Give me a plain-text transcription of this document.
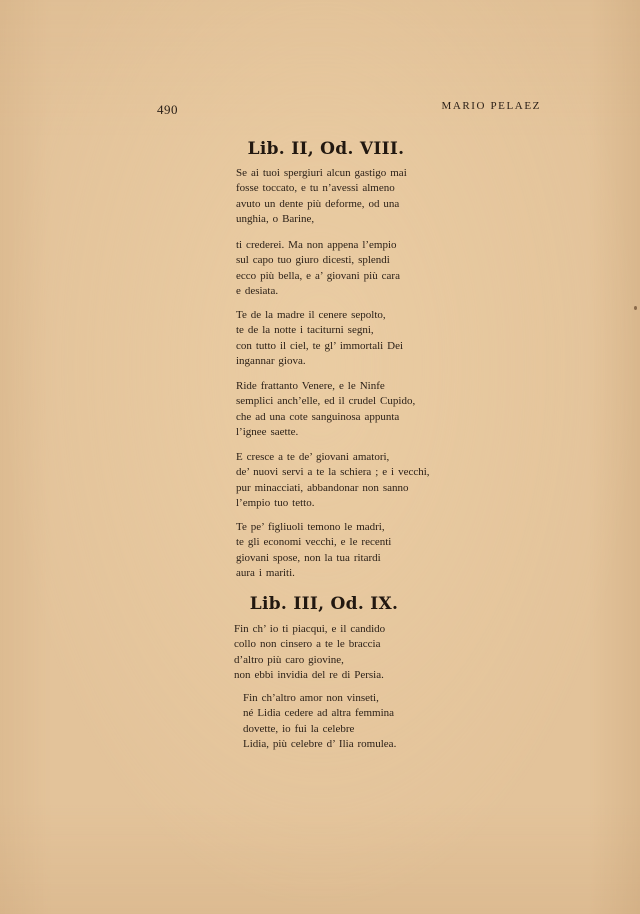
490	MARIO PELAEZ
Lib. II, Od. VIII.
Se ai tuoi spergiuri alcun gastigo mai
fosse toccato, e tu n’avessi almeno
avuto un dente più deforme, od una
unghia, o Barine,
ti crederei. Ma non appena l’empio
sul capo tuo giuro dicesti, splendi
ecco più bella, e a’ giovani più cara
e desiata.
Te de la madre il cenere sepolto,
te de la notte i taciturni segni,
con tutto il ciel, te gl’ immortali Dei
ingannar giova.
Ride frattanto Venere, e le Ninfe
semplici anch’elle, ed il crudel Cupido,
che ad una cote sanguinosa appunta
l’ignee saette.
E cresce a te de’ giovani amatori,
de’ nuovi servi a te la schiera ; e i vecchi,
pur minacciati, abbandonar non sanno
l’empio tuo tetto.
Te pe’ figliuoli temono le madri,
te gli economi vecchi, e le recenti
giovani spose, non la tua ritardi
aura i mariti.
Lib. III, Od. IX.
Fin ch’ io ti piacqui, e il candido
collo non cinsero a te le braccia
d’altro più caro giovine,
non ebbi invidia del re di Persia.
Fin ch’altro amor non vinseti,
né Lidia cedere ad altra femmina
dovette, io fui la celebre
Lidia, più celebre d’ Ilia romulea.
